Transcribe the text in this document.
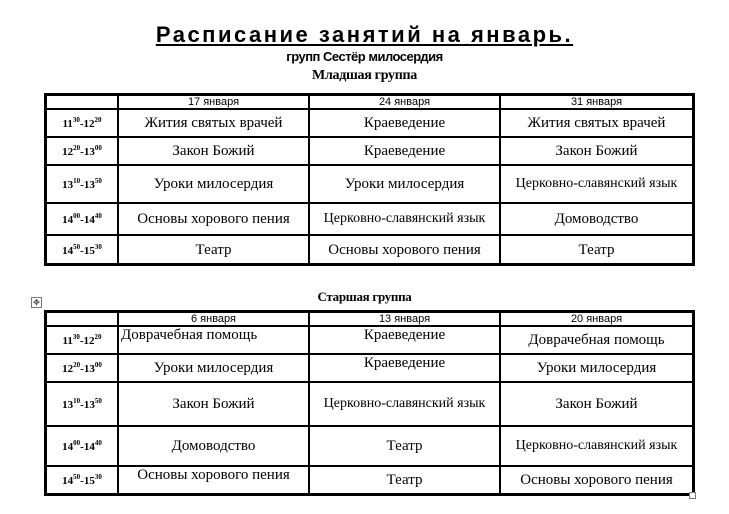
Расписание занятий на январь.
групп Сестёр милосердия
Младшая группа
	17 января	24 января	31 января
$11^{30}-12^{20}$	Жития святых врачей	Краеведение	Жития святых врачей
$12^{20}-13^{00}$	Закон Божий	Краеведение	Закон Божий
$13^{10}-13^{50}$	Уроки милосердия	Уроки милосердия	Церковно-славянский язык
$14^{00}-14^{40}$	Основы хорового пения	Церковно-славянский язык	Домоводство
$14^{50}-15^{30}$	Театр	Основы хорового пения	Театр
✥	Старшая группа
	6 января	13 января	20 января
$11^{30}-12^{20}$	Доврачебная помощь	Краеведение	Доврачебная помощь
$12^{20}-13^{00}$	Уроки милосердия	Краеведение	Уроки милосердия
$13^{10}-13^{50}$	Закон Божий	Церковно-славянский язык	Закон Божий
$14^{00}-14^{40}$	Домоводство	Театр	Церковно-славянский язык
$14^{50}-15^{30}$	Основы хорового пения	Театр	Основы хорового пения
